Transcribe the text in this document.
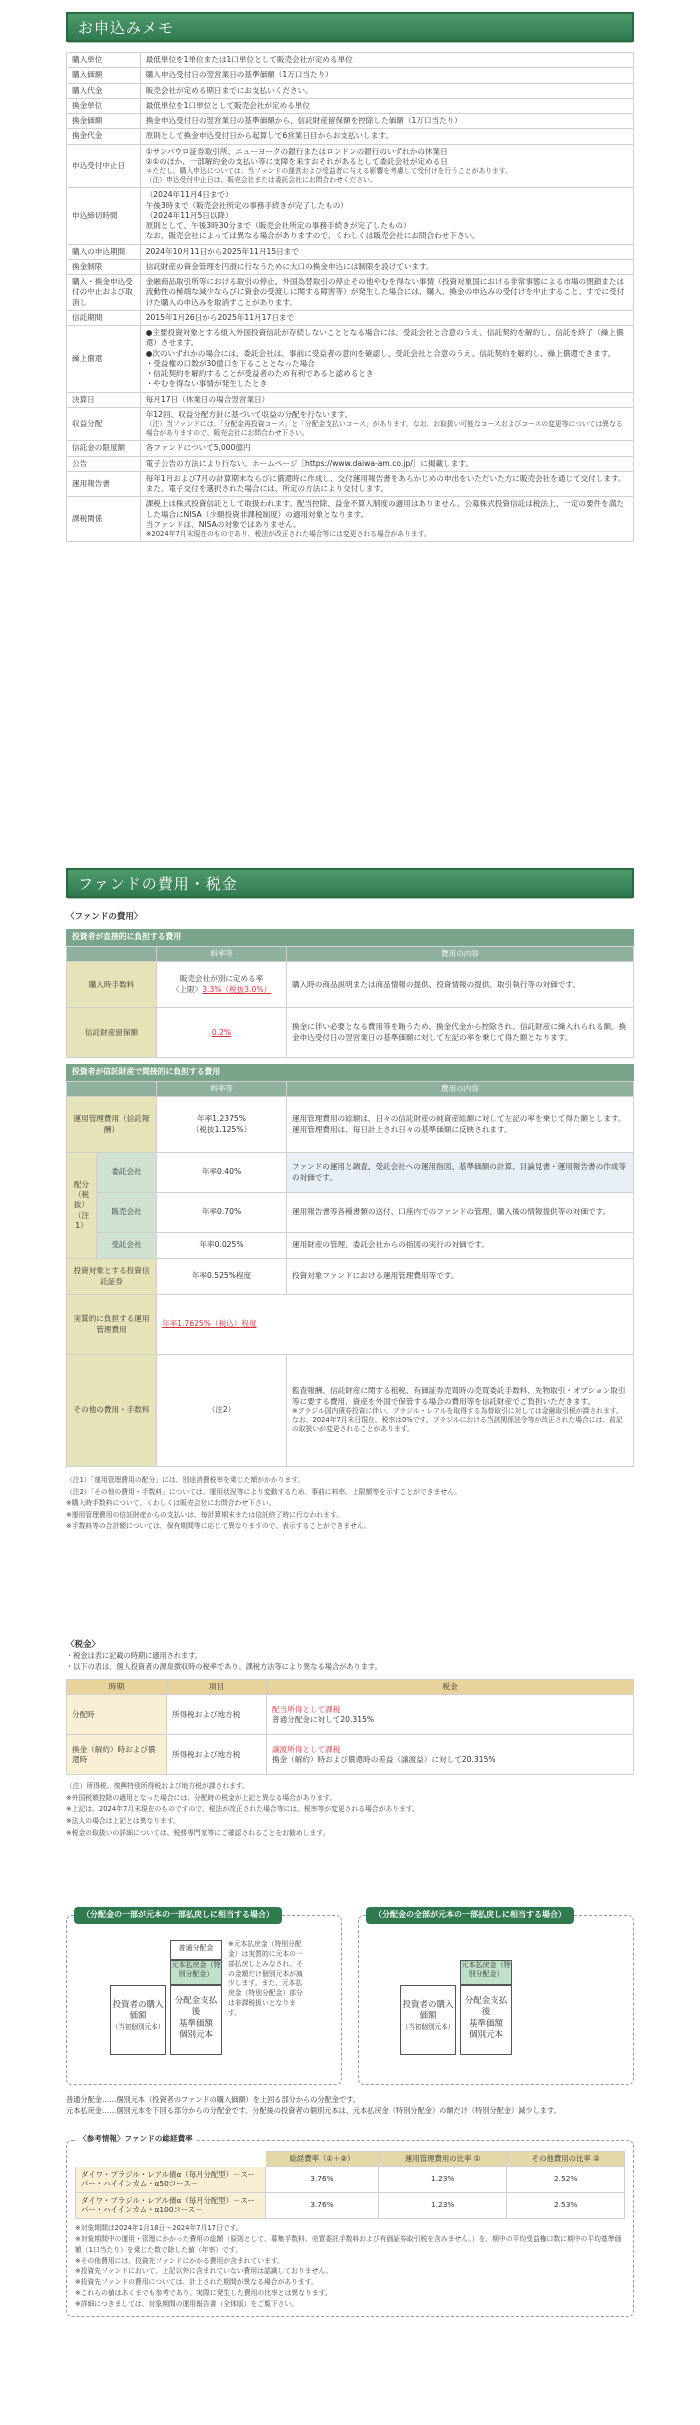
お申込みメモ
購入単位	最低単位を1単位または1口単位として販売会社が定める単位

購入価額	購入申込受付日の翌営業日の基準価額（1万口当たり）

購入代金	販売会社が定める期日までにお支払いください。

換金単位	最低単位を1口単位として販売会社が定める単位

換金価額	換金申込受付日の翌営業日の基準価額から、信託財産留保額を控除した価額（1万口当たり）

換金代金	原則として換金申込受付日から起算して6営業日目からお支払いします。

申込受付中止日	①サンパウロ証券取引所、ニューヨークの銀行またはロンドンの銀行のいずれかの休業日
②①のほか、一部解約金の支払い等に支障を来すおそれがあるとして委託会社が定める日
＊ただし、購入申込については、当ファンドの運営および受益者に与える影響を考慮して受付けを行うことがあります。
（注）申込受付中止日は、販売会社または委託会社にお問合わせください。

申込締切時間	（2024年11月4日まで）
午後3時まで（販売会社所定の事務手続きが完了したもの）
（2024年11月5日以降）
原則として、午後3時30分まで（販売会社所定の事務手続きが完了したもの）
なお、販売会社によっては異なる場合がありますので、くわしくは販売会社にお問合わせ下さい。

購入の申込期間	2024年10月11日から2025年11月15日まで

換金制限	信託財産の資金管理を円滑に行なうために大口の換金申込には制限を設けています。

購入・換金申込受付の中止および取消し	金融商品取引所等における取引の停止、外国為替取引の停止その他やむを得ない事情（投資対象国における非常事態による市場の閉鎖または流動性の極端な減少ならびに資金の受渡しに関する障害等）が発生した場合には、購入、換金の申込みの受付けを中止すること、すでに受付けた購入の申込みを取消すことがあります。

信託期間	2015年1月26日から2025年11月17日まで

繰上償還	●主要投資対象とする組入外国投資信託が存続しないこととなる場合には、受託会社と合意のうえ、信託契約を解約し、信託を終了（繰上償還）させます。
●次のいずれかの場合には、委託会社は、事前に受益者の意向を確認し、受託会社と合意のうえ、信託契約を解約し、繰上償還できます。
・受益権の口数が30億口を下ることとなった場合
・信託契約を解約することが受益者のため有利であると認めるとき
・やむを得ない事情が発生したとき

決算日	毎月17日（休業日の場合翌営業日）

収益分配	年12回、収益分配方針に基づいて収益の分配を行ないます。
（注）当ファンドには、「分配金再投資コース」と「分配金支払いコース」があります。なお、お取扱い可能なコースおよびコースの変更等については異なる場合がありますので、販売会社にお問合わせ下さい。

信託金の限度額	各ファンドについて5,000億円

公告	電子公告の方法により行ない、ホームページ［https://www.daiwa-am.co.jp/］に掲載します。

運用報告書	毎年1月および7月の計算期末ならびに償還時に作成し、交付運用報告書をあらかじめの申出をいただいた方に販売会社を通じて交付します。また、電子交付を選択された場合には、所定の方法により交付します。

課税関係	課税上は株式投資信託として取扱われます。配当控除、益金不算入制度の適用はありません。公募株式投資信託は税法上、一定の要件を満たした場合にNISA（少額投資非課税制度）の適用対象となります。
当ファンドは、NISAの対象ではありません。
※2024年7月末現在のものであり、税法が改正された場合等には変更される場合があります。
ファンドの費用・税金
〈ファンドの費用〉
投資者が直接的に負担する費用
	料率等	費用の内容
購入時手数料	販売会社が別に定める率
〈上限〉3.3%（税抜3.0%）	購入時の商品説明または商品情報の提供、投資情報の提供、取引執行等の対価です。
信託財産留保額	0.2%	換金に伴い必要となる費用等を賄うため、換金代金から控除され、信託財産に繰入れられる額。換金申込受付日の翌営業日の基準価額に対して左記の率を乗じて得た額となります。
投資者が信託財産で間接的に負担する費用
		料率等	費用の内容
運用管理費用（信託報酬）		年率1.2375%
（税抜1.125%）	運用管理費用の総額は、日々の信託財産の純資産総額に対して左記の率を乗じて得た額とします。運用管理費用は、毎日計上され日々の基準価額に反映されます。
配分（税抜）（注1）	委託会社	年率0.40%	ファンドの運用と調査、受託会社への運用指図、基準価額の計算、目論見書・運用報告書の作成等の対価です。
	販売会社	年率0.70%	運用報告書等各種書類の送付、口座内でのファンドの管理、購入後の情報提供等の対価です。
	受託会社	年率0.025%	運用財産の管理、委託会社からの指図の実行の対価です。
投資対象とする投資信託証券		年率0.525%程度	投資対象ファンドにおける運用管理費用等です。
実質的に負担する運用管理費用		年率1.7625%（税込）程度	
その他の費用・手数料		（注2）	監査報酬、信託財産に関する租税、有価証券売買時の売買委託手数料、先物取引・オプション取引等に要する費用、資産を外国で保管する場合の費用等を信託財産でご負担いただきます。
※ブラジル国内債券投資に伴い、ブラジル・レアルを取得する為替取引に対しては金融取引税が課されます。なお、2024年7月末日現在、税率は0%です。ブラジルにおける当該関係法令等が改正された場合には、前記の取扱いが変更されることがあります。
（注1）「運用管理費用の配分」には、別途消費税率を乗じた額がかかります。
（注2）「その他の費用・手数料」については、運用状況等により変動するため、事前に料率、上限額等を示すことができません。
※購入時手数料について、くわしくは販売会社にお問合わせ下さい。
※運用管理費用の信託財産からの支払いは、毎計算期末または信託終了時に行なわれます。
※手数料等の合計額については、保有期間等に応じて異なりますので、表示することができません。
〈税金〉
・税金は表に記載の時期に適用されます。
・以下の表は、個人投資者の源泉徴収時の税率であり、課税方法等により異なる場合があります。
時期	項目	税金
分配時	所得税および地方税	配当所得として課税
普通分配金に対して20.315%

換金（解約）時および償還時	所得税および地方税	譲渡所得として課税
換金（解約）時および償還時の差益（譲渡益）に対して20.315%
（注）所得税、復興特別所得税および地方税が課されます。
※外国税額控除の適用となった場合には、分配時の税金が上記と異なる場合があります。
※上記は、2024年7月末現在のものですので、税法が改正された場合等には、税率等が変更される場合があります。
※法人の場合は上記とは異なります。
※税金の取扱いの詳細については、税務専門家等にご確認されることをお勧めします。
（分配金の一部が元本の一部払戻しに相当する場合）	（分配金の全部が元本の一部払戻しに相当する場合）
投資者の購入価額
（当初個別元本）
普通分配金
元本払戻金（特別分配金）
分配金支払後
基準価額
個別元本
※元本払戻金（特別分配金）は実質的に元本の一部払戻しとみなされ、その金額だけ個別元本が減少します。また、元本払戻金（特別分配金）部分は非課税扱いとなります。
投資者の購入価額
（当初個別元本）
元本払戻金（特別分配金）
分配金支払後
基準価額
個別元本
普通分配金……個別元本（投資者のファンドの購入価額）を上回る部分からの分配金です。
元本払戻金……個別元本を下回る部分からの分配金です。分配後の投資者の個別元本は、元本払戻金（特別分配金）の額だけ（特別分配金）減少します。
〈参考情報〉ファンドの総経費率
	総経費率（①＋②）	運用管理費用の比率 ①	その他費用の比率 ②
ダイワ・ブラジル・レアル債α（毎月分配型）－スーパー・ハイインカム・α50コース－	3.76%	1.23%	2.52%
ダイワ・ブラジル・レアル債α（毎月分配型）－スーパー・ハイインカム・α100コース－	3.76%	1.23%	2.53%
※対象期間は2024年1月18日～2024年7月17日です。
※対象期間中の運用・管理にかかった費用の総額（原則として、募集手数料、売買委託手数料および有価証券取引税を含みません。）を、期中の平均受益権口数に期中の平均基準価額（1口当たり）を乗じた数で除した値（年率）です。
※その他費用には、投資先ファンドにかかる費用が含まれています。
※投資先ファンドにおいて、上記以外に含まれていない費用は認識しておりません。
※投資先ファンドの費用については、計上された期間が異なる場合があります。
※これらの値はあくまでも参考であり、実際に発生した費用の比率とは異なります。
※詳細につきましては、対象期間の運用報告書（全体版）をご覧下さい。
